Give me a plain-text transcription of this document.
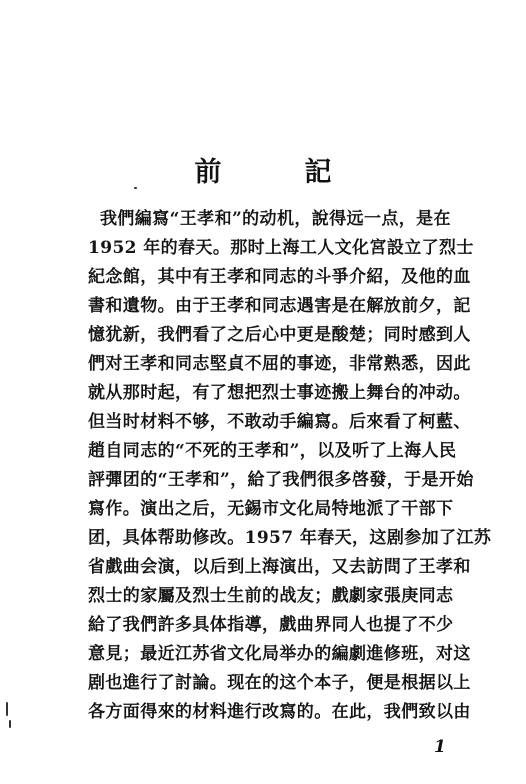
前　記
我們編寫“王孝和”的动机，說得远一点，是在
1952 年的春天。那时上海工人文化宮設立了烈士
紀念館，其中有王孝和同志的斗爭介紹，及他的血
書和遺物。由于王孝和同志遇害是在解放前夕，記
憶犹新，我們看了之后心中更是酸楚；同时感到人
們对王孝和同志堅貞不屈的事迹，非常熟悉，因此
就从那时起，有了想把烈士事迹搬上舞台的冲动。
但当时材料不够，不敢动手編寫。后來看了柯藍、
趙自同志的“不死的王孝和”，以及听了上海人民
評彈团的“王孝和”，給了我們很多啓發，于是开始
寫作。演出之后，无錫市文化局特地派了干部下
团，具体帮助修改。1957 年春天，这剧参加了江苏
省戲曲会演，以后到上海演出，又去訪問了王孝和
烈士的家屬及烈士生前的战友；戲劇家張庚同志
給了我們許多具体指導，戲曲界同人也提了不少
意見；最近江苏省文化局举办的編劇進修班，对这
剧也進行了討論。现在的这个本子，便是根据以上
各方面得來的材料進行改寫的。在此，我們致以由
1
